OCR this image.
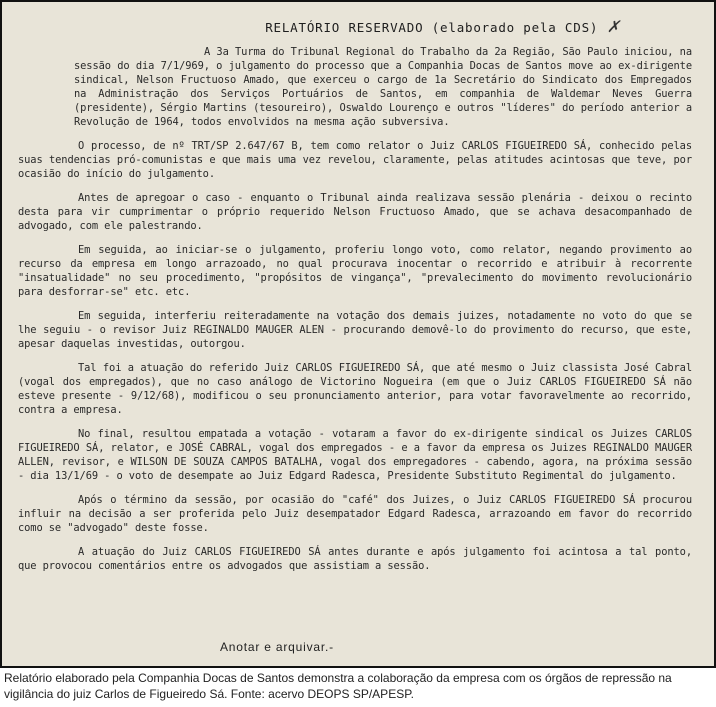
RELATÓRIO RESERVADO (elaborado pela CDS) ✗

A 3a Turma do Tribunal Regional do Trabalho da 2a Região, São Paulo iniciou, na sessão do dia 7/1/969, o julgamento do processo que a Companhia Docas de Santos move ao ex-dirigente sindical, Nelson Fructuoso Amado, que exerceu o cargo de 1a Secretário do Sindicato dos Empregados na Administração dos Serviços Portuários de Santos, em companhia de Waldemar Neves Guerra (presidente), Sérgio Martins (tesoureiro), Oswaldo Lourenço e outros "líderes" do período anterior a Revolução de 1964, todos envolvidos na mesma ação subversiva.

O processo, de nº TRT/SP 2.647/67 B, tem como relator o Juiz CARLOS FIGUEIREDO SÁ, conhecido pelas suas tendencias pró-comunistas e que mais uma vez revelou, claramente, pelas atitudes acintosas que teve, por ocasião do início do julgamento.

Antes de apregoar o caso - enquanto o Tribunal ainda realizava sessão plenária - deixou o recinto desta para vir cumprimentar o próprio requerido Nelson Fructuoso Amado, que se achava desacompanhado de advogado, com ele palestrando.

Em seguida, ao iniciar-se o julgamento, proferiu longo voto, como relator, negando provimento ao recurso da empresa em longo arrazoado, no qual procurava inocentar o recorrido e atribuir à recorrente "insatualidade" no seu procedimento, "propósitos de vingança", "prevalecimento do movimento revolucionário para desforrar-se" etc. etc.

Em seguida, interferiu reiteradamente na votação dos demais juizes, notadamente no voto do que se lhe seguiu - o revisor Juiz REGINALDO MAUGER ALEN - procurando demovê-lo do provimento do recurso, que este, apesar daquelas investidas, outorgou.

Tal foi a atuação do referido Juiz CARLOS FIGUEIREDO SÁ, que até mesmo o Juiz classista José Cabral (vogal dos empregados), que no caso análogo de Victorino Nogueira (em que o Juiz CARLOS FIGUEIREDO SÁ não esteve presente - 9/12/68), modificou o seu pronunciamento anterior, para votar favoravelmente ao recorrido, contra a empresa.

No final, resultou empatada a votação - votaram a favor do ex-dirigente sindical os Juizes CARLOS FIGUEIREDO SÁ, relator, e JOSÉ CABRAL, vogal dos empregados - e a favor da empresa os Juizes REGINALDO MAUGER ALLEN, revisor, e WILSON DE SOUZA CAMPOS BATALHA, vogal dos empregadores - cabendo, agora, na próxima sessão - dia 13/1/69 - o voto de desempate ao Juiz Edgard Radesca, Presidente Substituto Regimental do julgamento.

Após o término da sessão, por ocasião do "café" dos Juizes, o Juiz CARLOS FIGUEIREDO SÁ procurou influir na decisão a ser proferida pelo Juiz desempatador Edgard Radesca, arrazoando em favor do recorrido como se "advogado" deste fosse.

A atuação do Juiz CARLOS FIGUEIREDO SÁ antes durante e após julgamento foi acintosa a tal ponto, que provocou comentários entre os advogados que assistiam a sessão.

Anotar e arquivar.-
Relatório elaborado pela Companhia Docas de Santos demonstra a colaboração da empresa com os órgãos de repressão na vigilância do juiz Carlos de Figueiredo Sá. Fonte: acervo DEOPS SP/APESP.
